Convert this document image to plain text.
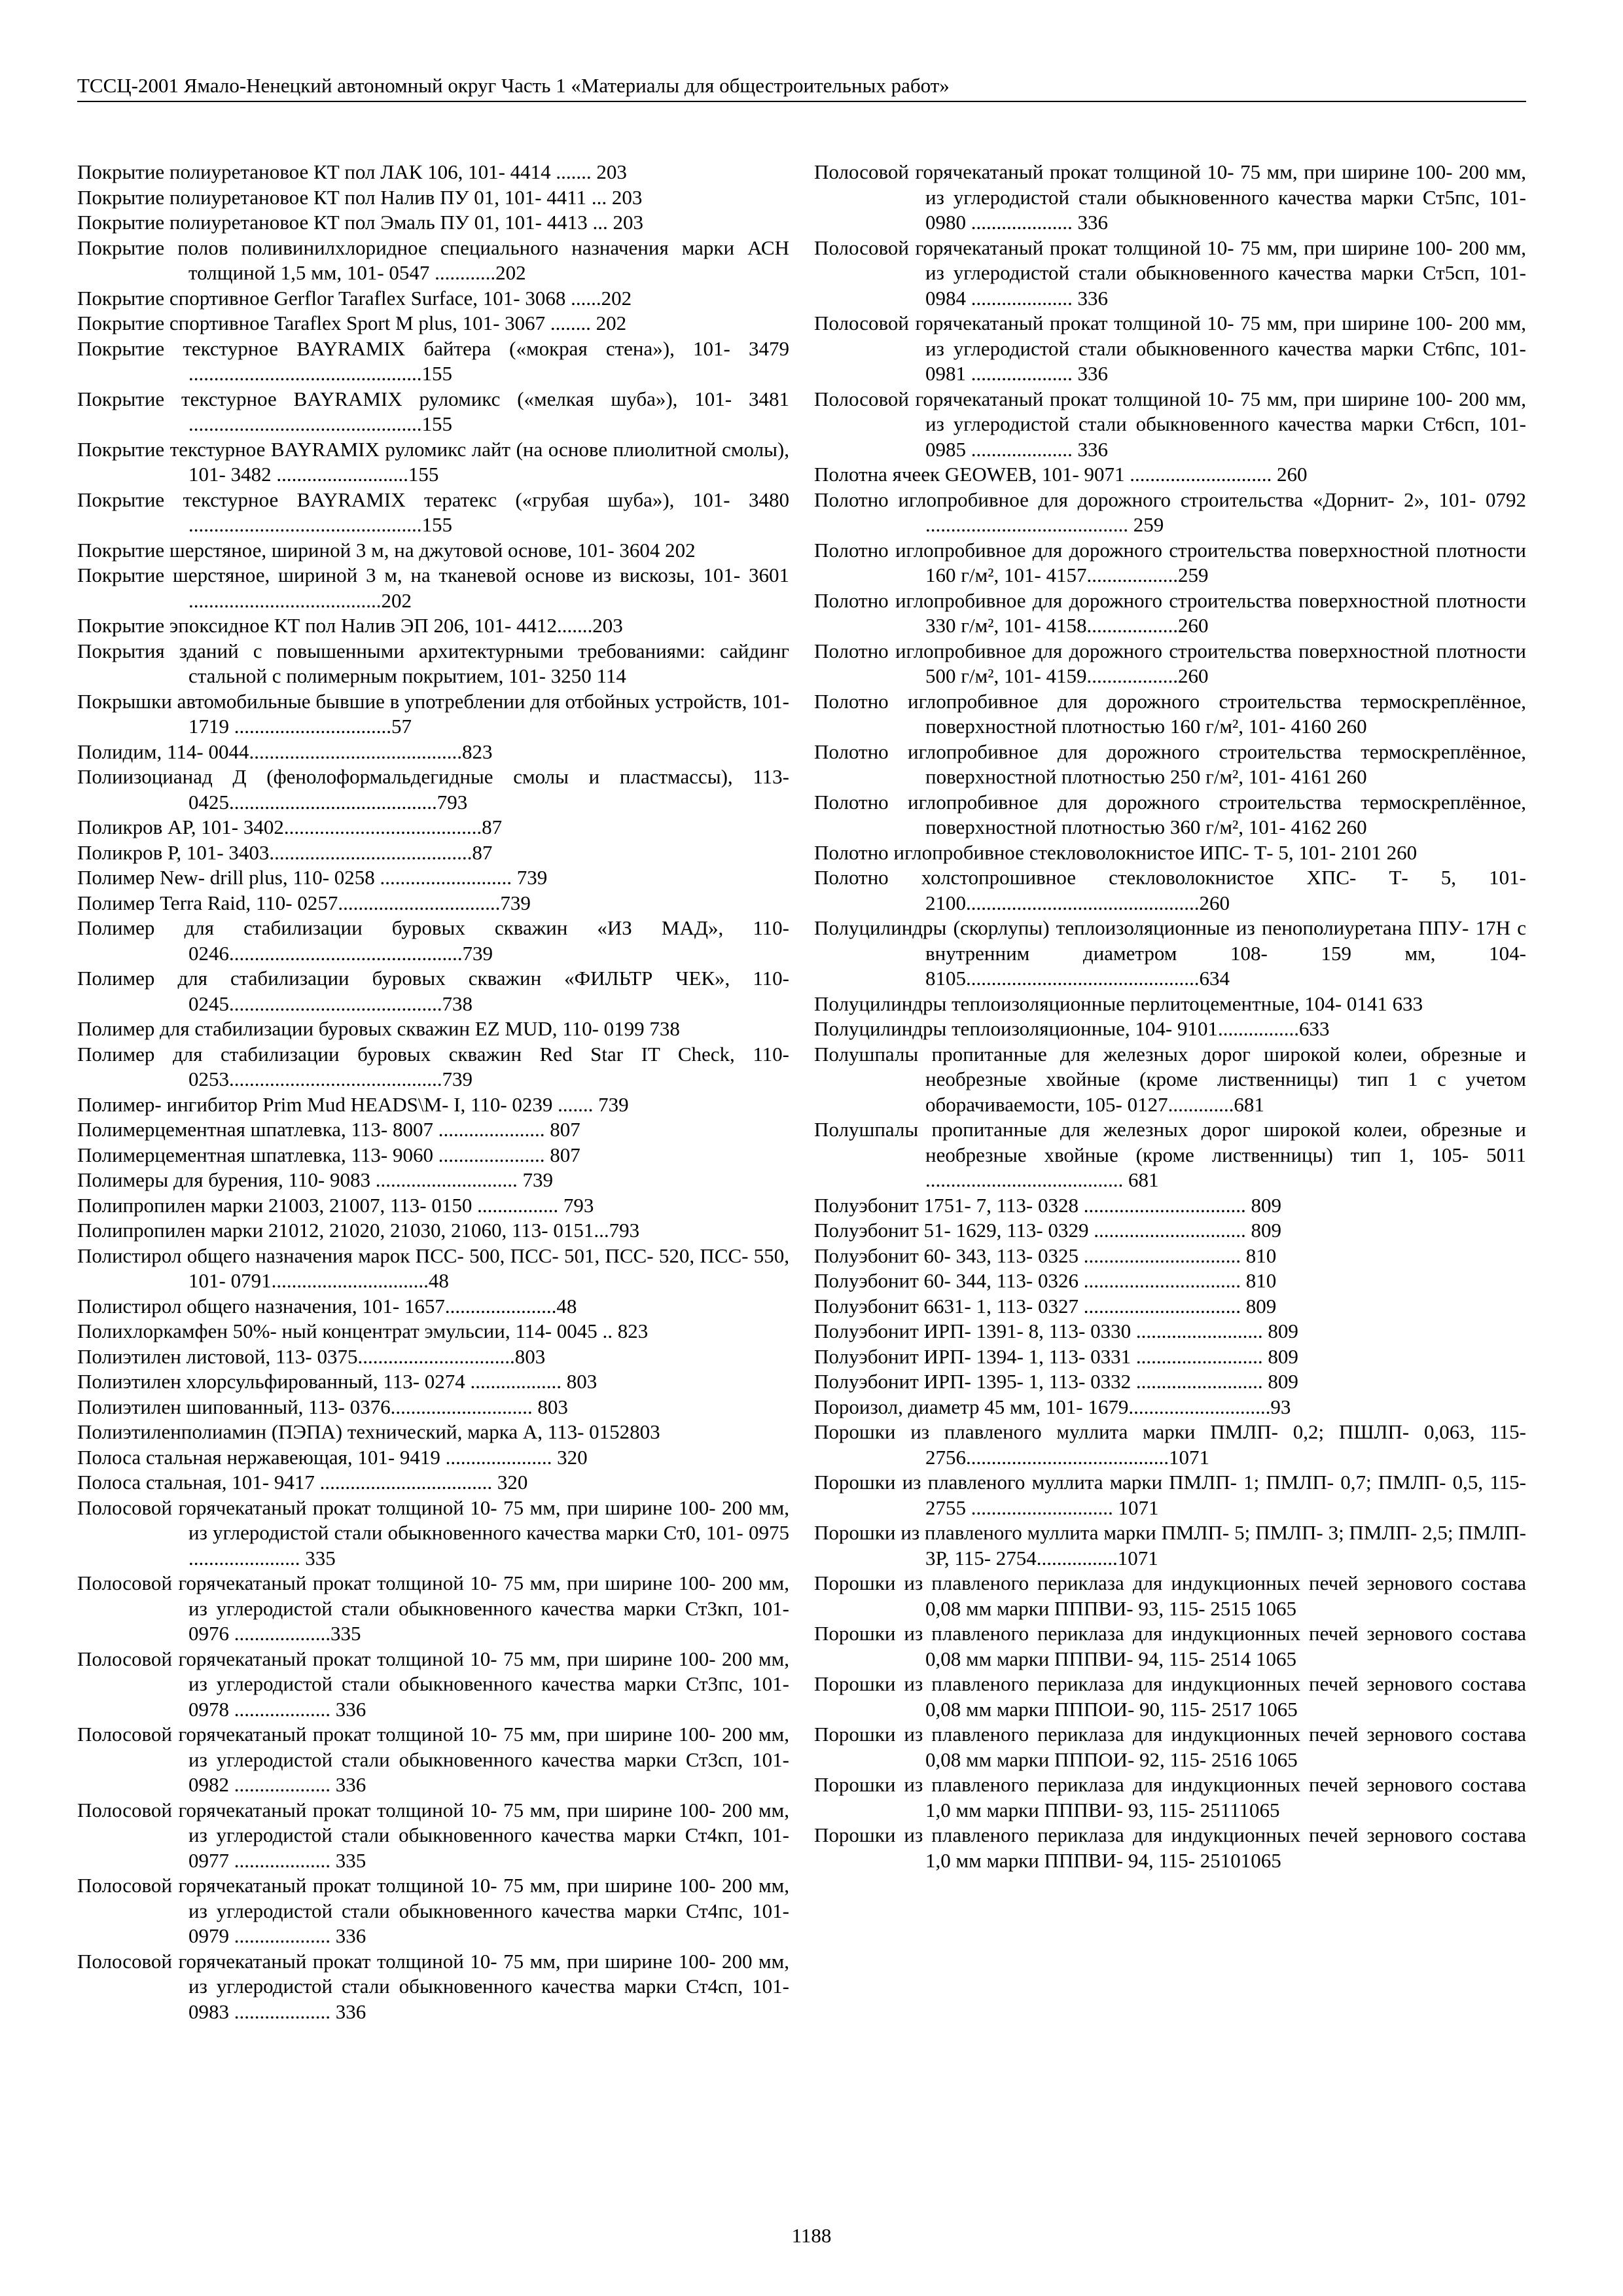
ТССЦ-2001 Ямало-Ненецкий автономный округ Часть 1 «Материалы для общестроительных работ»

Покрытие полиуретановое КТ пол ЛАК 106, 101- 4414 ....... 203

Покрытие полиуретановое КТ пол Налив ПУ 01, 101- 4411 ... 203

Покрытие полиуретановое КТ пол Эмаль ПУ 01, 101- 4413 ... 203

Покрытие полов поливинилхлоридное специального назначения марки АСН толщиной 1,5 мм, 101- 0547 ............202

Покрытие спортивное Gerflor Taraflex Surface, 101- 3068 ......202

Покрытие спортивное Taraflex Sport M plus, 101- 3067 ........ 202

Покрытие текстурное BAYRAMIX байтера («мокрая стена»), 101- 3479 ..............................................155

Покрытие текстурное BAYRAMIX руломикс («мелкая шуба»), 101- 3481 ..............................................155

Покрытие текстурное BAYRAMIX руломикс лайт (на основе плиолитной смолы), 101- 3482 ..........................155

Покрытие текстурное BAYRAMIX тератекс («грубая шуба»), 101- 3480 ..............................................155

Покрытие шерстяное, шириной 3 м, на джутовой основе, 101- 3604 202

Покрытие шерстяное, шириной 3 м, на тканевой основе из вискозы, 101- 3601 ......................................202

Покрытие эпоксидное КТ пол Налив ЭП 206, 101- 4412.......203

Покрытия зданий с повышенными архитектурными требованиями: сайдинг стальной с полимерным покрытием, 101- 3250 114

Покрышки автомобильные бывшие в употреблении для отбойных устройств, 101- 1719 ...............................57

Полидим, 114- 0044..........................................823

Полиизоцианад Д (фенолоформальдегидные смолы и пластмассы), 113- 0425.........................................793

Поликров АР, 101- 3402.......................................87

Поликров Р, 101- 3403........................................87

Полимер New- drill plus, 110- 0258 .......................... 739

Полимер Terra Raid, 110- 0257................................739

Полимер для стабилизации буровых скважин «ИЗ МАД», 110- 0246..............................................739

Полимер для стабилизации буровых скважин «ФИЛЬТР ЧЕК», 110- 0245..........................................738

Полимер для стабилизации буровых скважин EZ MUD, 110- 0199 738

Полимер для стабилизации буровых скважин Red Star IT Check, 110- 0253..........................................739

Полимер- ингибитор Prim Mud HEADS\M- I, 110- 0239 ....... 739

Полимерцементная шпатлевка, 113- 8007 ..................... 807

Полимерцементная шпатлевка, 113- 9060 ..................... 807

Полимеры для бурения, 110- 9083 ............................ 739

Полипропилен марки 21003, 21007, 113- 0150 ................ 793

Полипропилен марки 21012, 21020, 21030, 21060, 113- 0151...793

Полистирол общего назначения марок ПСС- 500, ПСС- 501, ПСС- 520, ПСС- 550, 101- 0791...............................48

Полистирол общего назначения, 101- 1657......................48

Полихлоркамфен 50%- ный концентрат эмульсии, 114- 0045 .. 823

Полиэтилен листовой, 113- 0375...............................803

Полиэтилен хлорсульфированный, 113- 0274 .................. 803

Полиэтилен шипованный, 113- 0376............................ 803

Полиэтиленполиамин (ПЭПА) технический, марка А, 113- 0152803

Полоса стальная нержавеющая, 101- 9419 ..................... 320

Полоса стальная, 101- 9417 .................................. 320

Полосовой горячекатаный прокат толщиной 10- 75 мм, при ширине 100- 200 мм, из углеродистой стали обыкновенного качества марки Ст0, 101- 0975 ...................... 335

Полосовой горячекатаный прокат толщиной 10- 75 мм, при ширине 100- 200 мм, из углеродистой стали обыкновенного качества марки Ст3кп, 101- 0976 ...................335

Полосовой горячекатаный прокат толщиной 10- 75 мм, при ширине 100- 200 мм, из углеродистой стали обыкновенного качества марки Ст3пс, 101- 0978 ................... 336

Полосовой горячекатаный прокат толщиной 10- 75 мм, при ширине 100- 200 мм, из углеродистой стали обыкновенного качества марки Ст3сп, 101- 0982 ................... 336

Полосовой горячекатаный прокат толщиной 10- 75 мм, при ширине 100- 200 мм, из углеродистой стали обыкновенного качества марки Ст4кп, 101- 0977 ................... 335

Полосовой горячекатаный прокат толщиной 10- 75 мм, при ширине 100- 200 мм, из углеродистой стали обыкновенного качества марки Ст4пс, 101- 0979 ................... 336

Полосовой горячекатаный прокат толщиной 10- 75 мм, при ширине 100- 200 мм, из углеродистой стали обыкновенного качества марки Ст4сп, 101- 0983 ................... 336

Полосовой горячекатаный прокат толщиной 10- 75 мм, при ширине 100- 200 мм, из углеродистой стали обыкновенного качества марки Ст5пс, 101- 0980 .................... 336

Полосовой горячекатаный прокат толщиной 10- 75 мм, при ширине 100- 200 мм, из углеродистой стали обыкновенного качества марки Ст5сп, 101- 0984 .................... 336

Полосовой горячекатаный прокат толщиной 10- 75 мм, при ширине 100- 200 мм, из углеродистой стали обыкновенного качества марки Ст6пс, 101- 0981 .................... 336

Полосовой горячекатаный прокат толщиной 10- 75 мм, при ширине 100- 200 мм, из углеродистой стали обыкновенного качества марки Ст6сп, 101- 0985 .................... 336

Полотна ячеек GEOWEB, 101- 9071 ............................ 260

Полотно иглопробивное для дорожного строительства «Дорнит- 2», 101- 0792 ........................................ 259

Полотно иглопробивное для дорожного строительства поверхностной плотности 160 г/м², 101- 4157..................259

Полотно иглопробивное для дорожного строительства поверхностной плотности 330 г/м², 101- 4158..................260

Полотно иглопробивное для дорожного строительства поверхностной плотности 500 г/м², 101- 4159..................260

Полотно иглопробивное для дорожного строительства термоскреплённое, поверхностной плотностью 160 г/м², 101- 4160 260

Полотно иглопробивное для дорожного строительства термоскреплённое, поверхностной плотностью 250 г/м², 101- 4161 260

Полотно иглопробивное для дорожного строительства термоскреплённое, поверхностной плотностью 360 г/м², 101- 4162 260

Полотно иглопробивное стекловолокнистое ИПС- Т- 5, 101- 2101 260

Полотно холстопрошивное стекловолокнистое ХПС- Т- 5, 101- 2100..............................................260

Полуцилиндры (скорлупы) теплоизоляционные из пенополиуретана ППУ- 17Н с внутренним диаметром 108- 159 мм, 104- 8105..............................................634

Полуцилиндры теплоизоляционные перлитоцементные, 104- 0141 633

Полуцилиндры теплоизоляционные, 104- 9101................633

Полушпалы пропитанные для железных дорог широкой колеи, обрезные и необрезные хвойные (кроме лиственницы) тип 1 с учетом оборачиваемости, 105- 0127.............681

Полушпалы пропитанные для железных дорог широкой колеи, обрезные и необрезные хвойные (кроме лиственницы) тип 1, 105- 5011 ....................................... 681

Полуэбонит 1751- 7, 113- 0328 ................................ 809

Полуэбонит 51- 1629, 113- 0329 .............................. 809

Полуэбонит 60- 343, 113- 0325 ............................... 810

Полуэбонит 60- 344, 113- 0326 ............................... 810

Полуэбонит 6631- 1, 113- 0327 ............................... 809

Полуэбонит ИРП- 1391- 8, 113- 0330 ......................... 809

Полуэбонит ИРП- 1394- 1, 113- 0331 ......................... 809

Полуэбонит ИРП- 1395- 1, 113- 0332 ......................... 809

Пороизол, диаметр 45 мм, 101- 1679............................93

Порошки из плавленого муллита марки ПМЛП- 0,2; ПШЛП- 0,063, 115- 2756........................................1071

Порошки из плавленого муллита марки ПМЛП- 1; ПМЛП- 0,7; ПМЛП- 0,5, 115- 2755 ............................ 1071

Порошки из плавленого муллита марки ПМЛП- 5; ПМЛП- 3; ПМЛП- 2,5; ПМЛП- 3Р, 115- 2754................1071

Порошки из плавленого периклаза для индукционных печей зернового состава 0,08 мм марки ПППВИ- 93, 115- 2515 1065

Порошки из плавленого периклаза для индукционных печей зернового состава 0,08 мм марки ПППВИ- 94, 115- 2514 1065

Порошки из плавленого периклаза для индукционных печей зернового состава 0,08 мм марки ПППОИ- 90, 115- 2517 1065

Порошки из плавленого периклаза для индукционных печей зернового состава 0,08 мм марки ПППОИ- 92, 115- 2516 1065

Порошки из плавленого периклаза для индукционных печей зернового состава 1,0 мм марки ПППВИ- 93, 115- 25111065

Порошки из плавленого периклаза для индукционных печей зернового состава 1,0 мм марки ПППВИ- 94, 115- 25101065

1188
